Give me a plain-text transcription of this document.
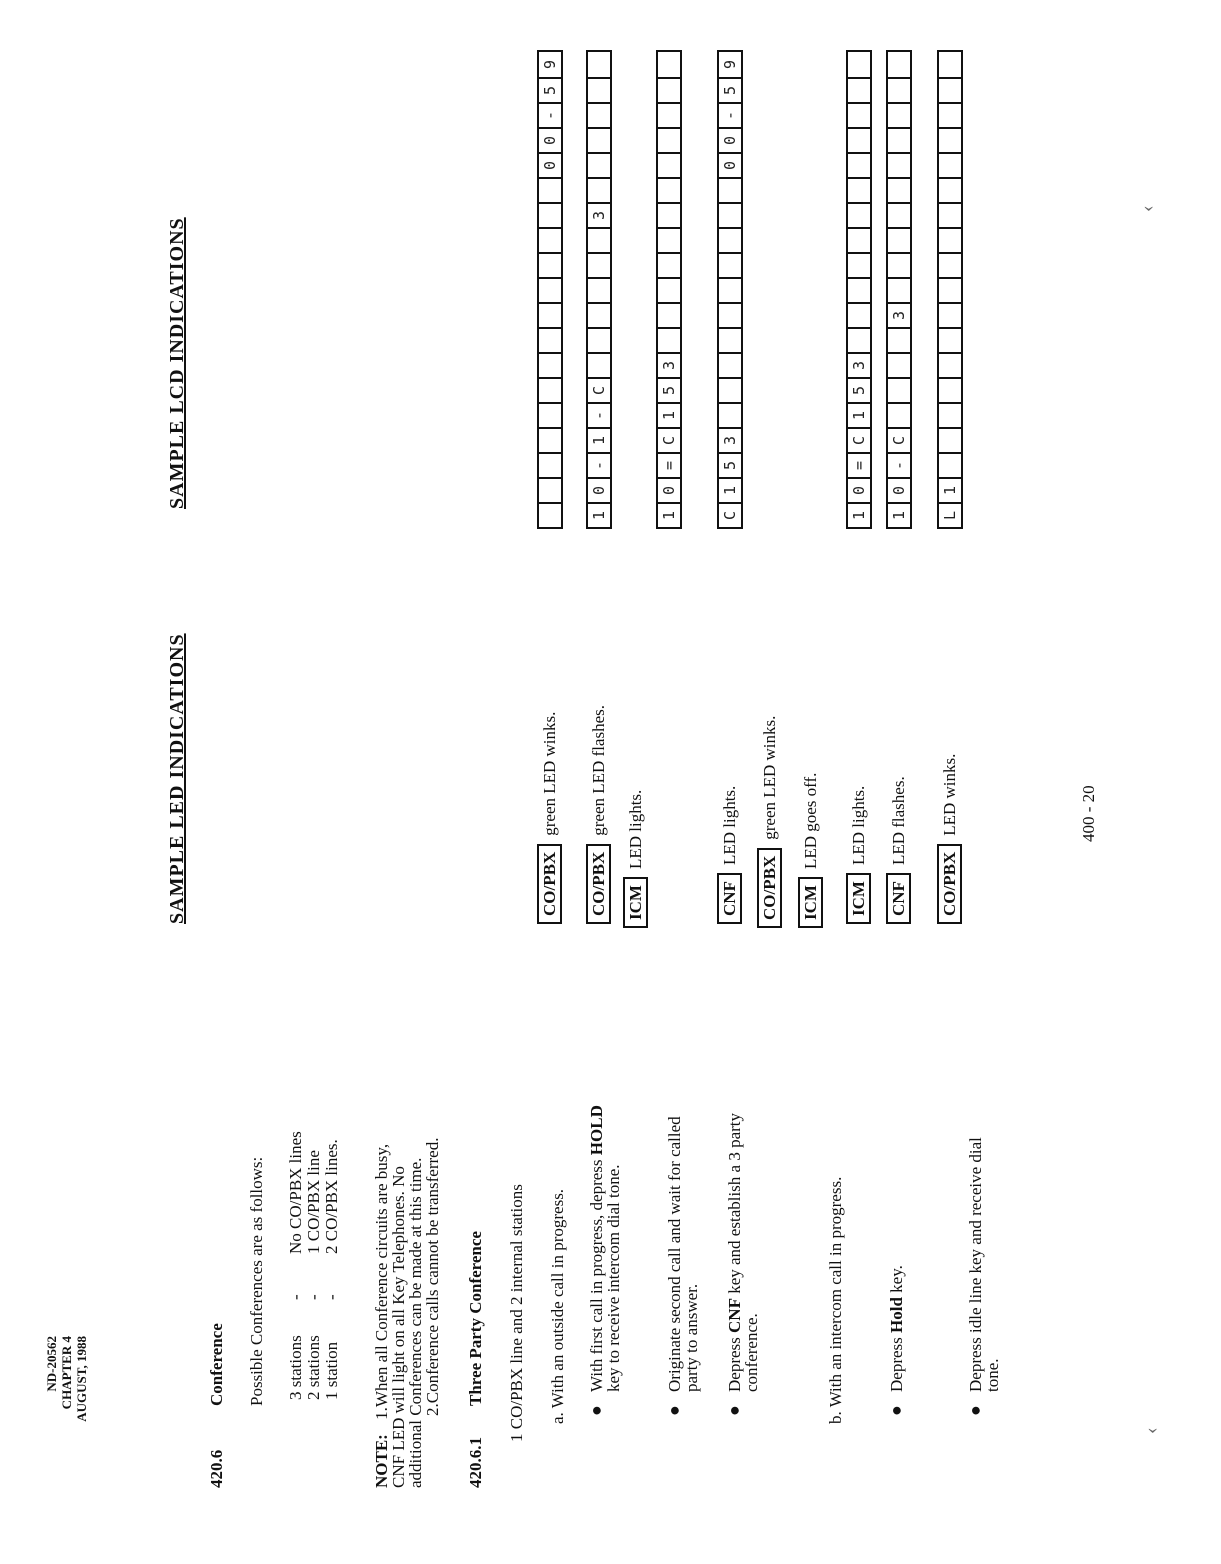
ND-20562 CHAPTER 4 AUGUST, 1988
420.6
Conference Possible Conferences are as follows: 3 stations
-
No CO/PBX lines
2 stations
-
1 CO/PBX line
1 station
-
2 CO/PBX lines.
NOTE: 1.When all Conference circuits are busy,
CNF LED will light on all Key Telephones. No
additional Conferences can be made at this time.
2.Conference calls cannot be transferred.
420.6.1
Three Party Conference 1 CO/PBX line and 2 internal stations a. With an outside call in progress. ●
With first call in progress, depress HOLD
key to receive intercom dial tone.
●
Originate second call and wait for called
party to answer.
●
Depress CNF key and establish a 3 party
conference.	b. With an intercom call in progress. ●
Depress Hold key.
●
Depress idle line key and receive dial
tone.
SAMPLE LED INDICATIONS	CO/PBXgreen LED winks.
CO/PBXgreen LED flashes.
ICMLED lights.
CNFLED lights.
CO/PBXgreen LED winks.
ICMLED goes off.
ICMLED lights.
CNFLED flashes.
CO/PBXLED winks.
SAMPLE LCD INDICATIONS
0
0
-
5
9
1
0
-
1
-
C
3
1
0
=
C
1
5
3
C
1
5
3
0
0
-
5
9
1
0
=
C
1
5
3
1
0
-
C
3
L
1
400 - 20
‹
‹
